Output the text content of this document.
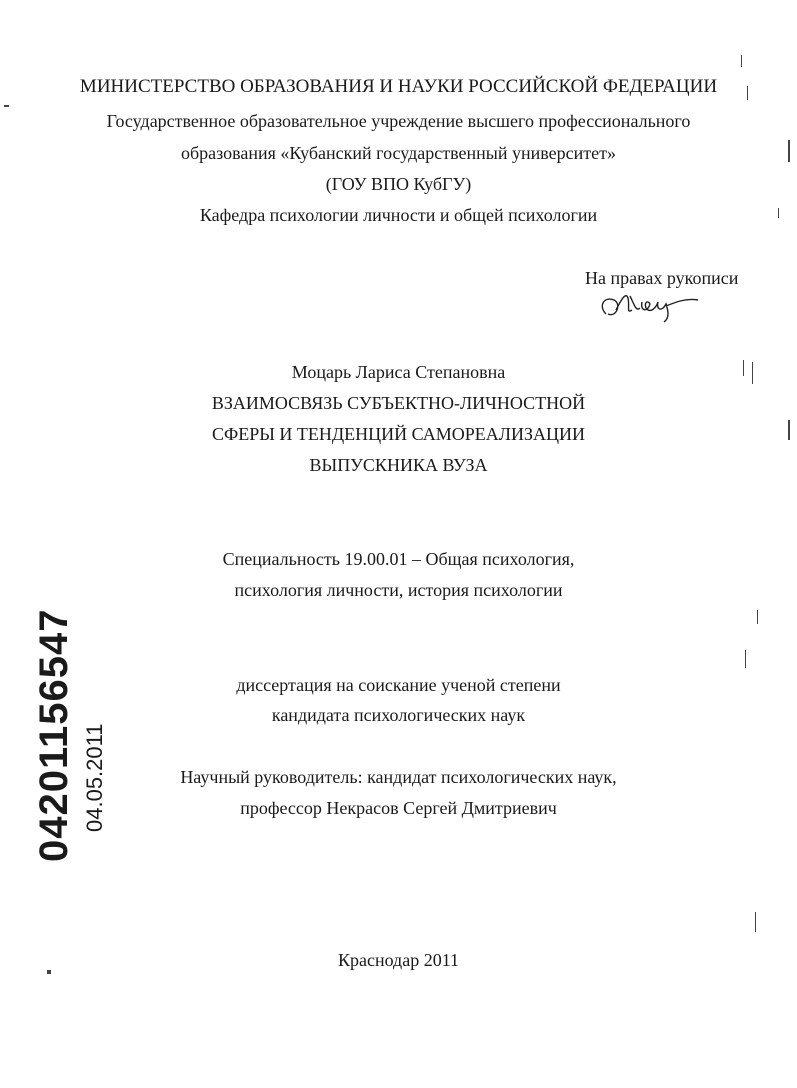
МИНИСТЕРСТВО ОБРАЗОВАНИЯ И НАУКИ РОССИЙСКОЙ ФЕДЕРАЦИИ
Государственное образовательное учреждение высшего профессионального
образования «Кубанский государственный университет»
(ГОУ ВПО КубГУ)
Кафедра психологии личности и общей психологии
На правах рукописи
Моцарь Лариса Степановна
ВЗАИМОСВЯЗЬ СУБЪЕКТНО-ЛИЧНОСТНОЙ
СФЕРЫ И ТЕНДЕНЦИЙ САМОРЕАЛИЗАЦИИ
ВЫПУСКНИКА ВУЗА
Специальность 19.00.01 – Общая психология,
психология личности, история психологии
диссертация на соискание ученой степени
кандидата психологических наук
Научный руководитель: кандидат психологических наук,
профессор Некрасов Сергей Дмитриевич
Краснодар 2011
04201156547 04.05.2011
